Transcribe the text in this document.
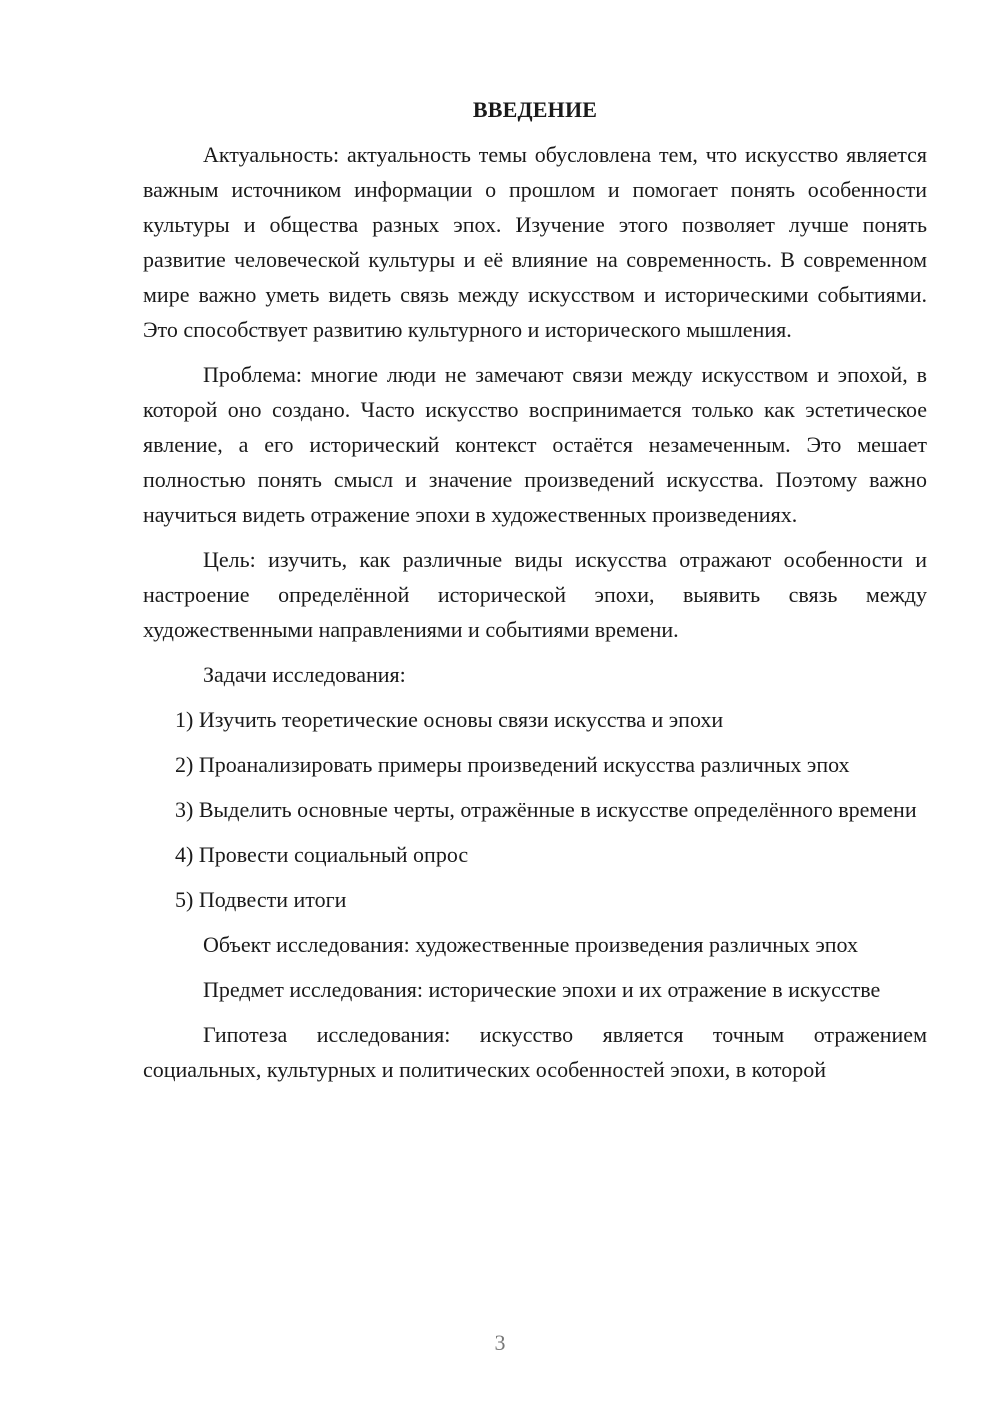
ВВЕДЕНИЕ

Актуальность: актуальность темы обусловлена тем, что искусство является важным источником информации о прошлом и помогает понять особенности культуры и общества разных эпох. Изучение этого позволяет лучше понять развитие человеческой культуры и её влияние на современность. В современном мире важно уметь видеть связь между искусством и историческими событиями. Это способствует развитию культурного и исторического мышления.

Проблема: многие люди не замечают связи между искусством и эпохой, в которой оно создано. Часто искусство воспринимается только как эстетическое явление, а его исторический контекст остаётся незамеченным. Это мешает полностью понять смысл и значение произведений искусства. Поэтому важно научиться видеть отражение эпохи в художественных произведениях.

Цель: изучить, как различные виды искусства отражают особенности и настроение определённой исторической эпохи, выявить связь между художественными направлениями и событиями времени.

Задачи исследования:

1) Изучить теоретические основы связи искусства и эпохи

2) Проанализировать примеры произведений искусства различных эпох

3) Выделить основные черты, отражённые в искусстве определённого времени

4) Провести социальный опрос

5) Подвести итоги

Объект исследования: художественные произведения различных эпох

Предмет исследования: исторические эпохи и их отражение в искусстве

Гипотеза исследования: искусство является точным отражением социальных, культурных и политических особенностей эпохи, в которой

3
